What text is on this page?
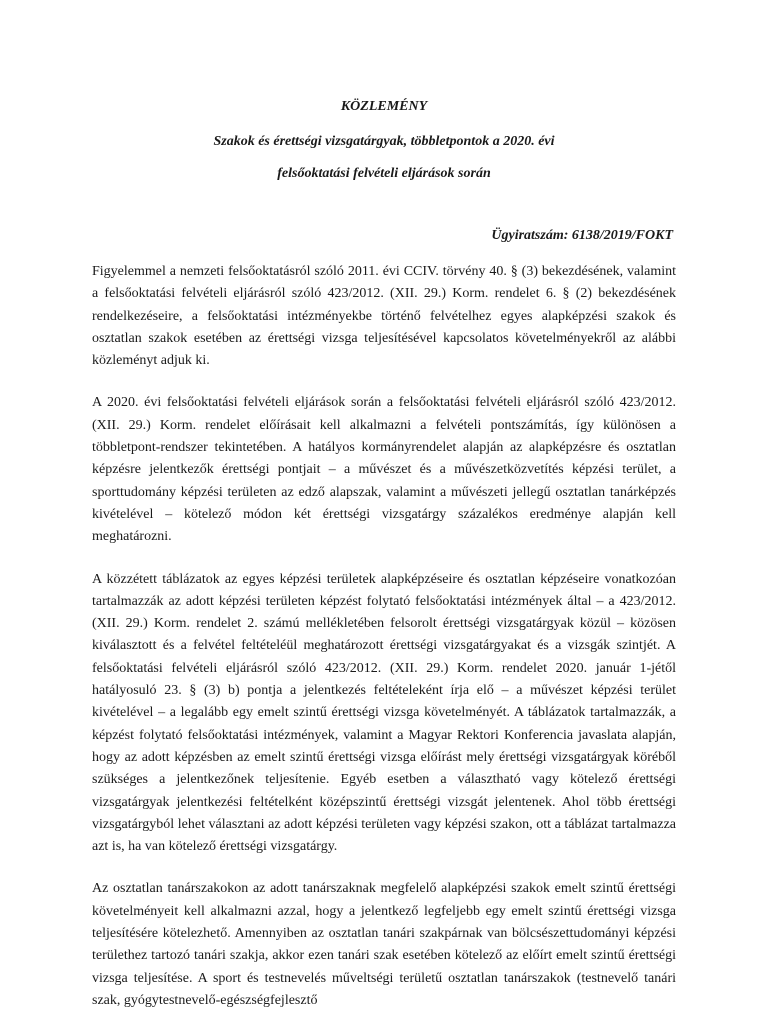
KÖZLEMÉNY

Szakok és érettségi vizsgatárgyak, többletpontok a 2020. évi

felsőoktatási felvételi eljárások során

Ügyiratszám: 6138/2019/FOKT

Figyelemmel a nemzeti felsőoktatásról szóló 2011. évi CCIV. törvény 40. § (3) bekezdésének, valamint a felsőoktatási felvételi eljárásról szóló 423/2012. (XII. 29.) Korm. rendelet 6. § (2) bekezdésének rendelkezéseire, a felsőoktatási intézményekbe történő felvételhez egyes alapképzési szakok és osztatlan szakok esetében az érettségi vizsga teljesítésével kapcsolatos követelményekről az alábbi közleményt adjuk ki.

A 2020. évi felsőoktatási felvételi eljárások során a felsőoktatási felvételi eljárásról szóló 423/2012. (XII. 29.) Korm. rendelet előírásait kell alkalmazni a felvételi pontszámítás, így különösen a többletpont-rendszer tekintetében. A hatályos kormányrendelet alapján az alapképzésre és osztatlan képzésre jelentkezők érettségi pontjait – a művészet és a művészetközvetítés képzési terület, a sporttudomány képzési területen az edző alapszak, valamint a művészeti jellegű osztatlan tanárképzés kivételével – kötelező módon két érettségi vizsgatárgy százalékos eredménye alapján kell meghatározni.

A közzétett táblázatok az egyes képzési területek alapképzéseire és osztatlan képzéseire vonatkozóan tartalmazzák az adott képzési területen képzést folytató felsőoktatási intézmények által – a 423/2012. (XII. 29.) Korm. rendelet 2. számú mellékletében felsorolt érettségi vizsgatárgyak közül – közösen kiválasztott és a felvétel feltételéül meghatározott érettségi vizsgatárgyakat és a vizsgák szintjét. A felsőoktatási felvételi eljárásról szóló 423/2012. (XII. 29.) Korm. rendelet 2020. január 1-jétől hatályosuló 23. § (3) b) pontja a jelentkezés feltételeként írja elő – a művészet képzési terület kivételével – a legalább egy emelt szintű érettségi vizsga követelményét. A táblázatok tartalmazzák, a képzést folytató felsőoktatási intézmények, valamint a Magyar Rektori Konferencia javaslata alapján, hogy az adott képzésben az emelt szintű érettségi vizsga előírást mely érettségi vizsgatárgyak köréből szükséges a jelentkezőnek teljesítenie. Egyéb esetben a választható vagy kötelező érettségi vizsgatárgyak jelentkezési feltételként középszintű érettségi vizsgát jelentenek. Ahol több érettségi vizsgatárgyból lehet választani az adott képzési területen vagy képzési szakon, ott a táblázat tartalmazza azt is, ha van kötelező érettségi vizsgatárgy.

Az osztatlan tanárszakokon az adott tanárszaknak megfelelő alapképzési szakok emelt szintű érettségi követelményeit kell alkalmazni azzal, hogy a jelentkező legfeljebb egy emelt szintű érettségi vizsga teljesítésére kötelezhető. Amennyiben az osztatlan tanári szakpárnak van bölcsészettudományi képzési területhez tartozó tanári szakja, akkor ezen tanári szak esetében kötelező az előírt emelt szintű érettségi vizsga teljesítése. A sport és testnevelés műveltségi területű osztatlan tanárszakok (testnevelő tanári szak, gyógytestnevelő-egészségfejlesztő
